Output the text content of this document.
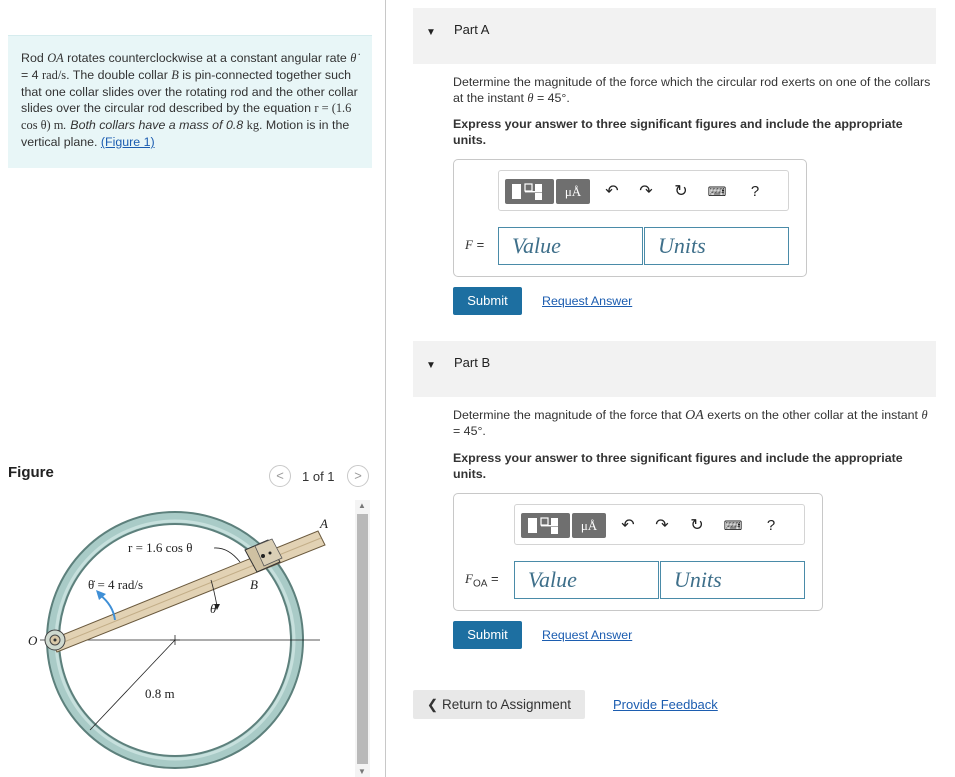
Rod OA rotates counterclockwise at a constant angular rate θ̇ = 4 rad/s. The double collar B is pin-connected together such that one collar slides over the rotating rod and the other collar slides over the circular rod described by the equation r = (1.6 cos θ) m. Both collars have a mass of 0.8 kg. Motion is in the vertical plane. (Figure 1)
Figure	<	1 of 1	>
r = 1.6 cos θ
θ̇ = 4 rad/s
θ
0.8 m
O
A
B
▲
▼
▼ Part A
Determine the magnitude of the force which the circular rod exerts on one of the collars at the instant θ = 45°.
Express your answer to three significant figures and include the appropriate units.
μÅ	↶	↷	↻	⌨	?
F =	Value	Units
Submit	Request Answer
▼ Part B
Determine the magnitude of the force that OA exerts on the other collar at the instant θ = 45°.
Express your answer to three significant figures and include the appropriate units.
μÅ	↶	↷	↻	⌨	?
$F_{OA}$ =	Value	Units
Submit	Request Answer
❮ Return to Assignment	Provide Feedback
